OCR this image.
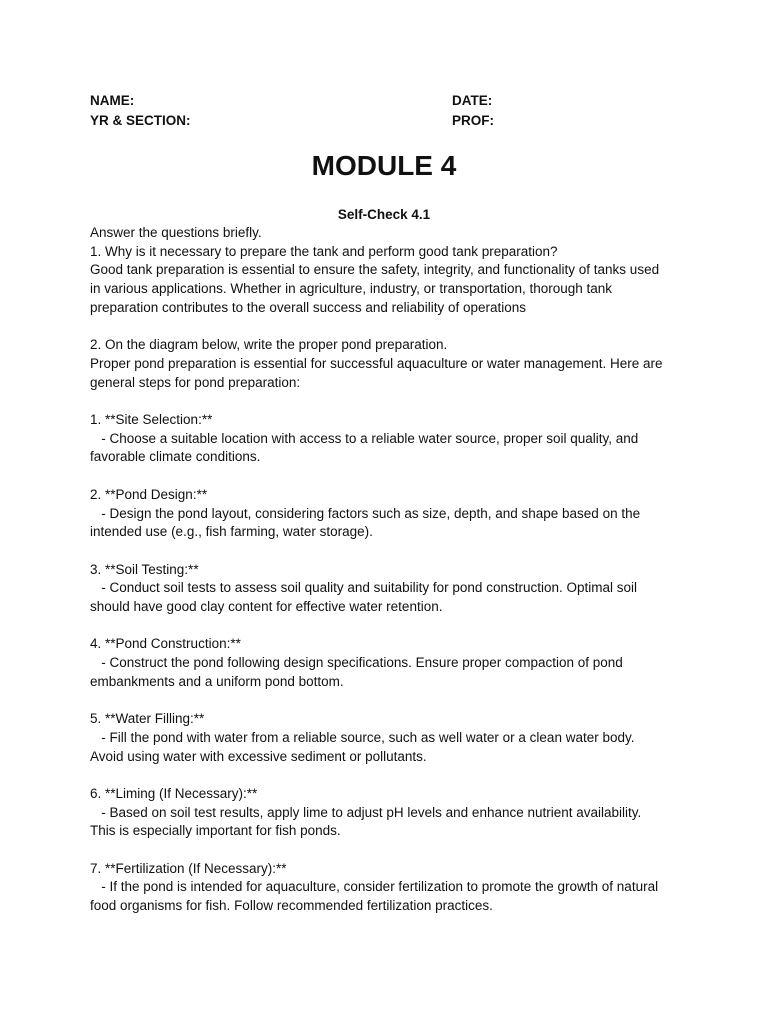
NAME:	DATE:
YR & SECTION:	PROF:
MODULE 4
Self-Check 4.1

Answer the questions briefly.

1. Why is it necessary to prepare the tank and perform good tank preparation?

Good tank preparation is essential to ensure the safety, integrity, and functionality of tanks used

in various applications. Whether in agriculture, industry, or transportation, thorough tank

preparation contributes to the overall success and reliability of operations

2. On the diagram below, write the proper pond preparation.

Proper pond preparation is essential for successful aquaculture or water management. Here are

general steps for pond preparation:

1. **Site Selection:**

- Choose a suitable location with access to a reliable water source, proper soil quality, and

favorable climate conditions.

2. **Pond Design:**

- Design the pond layout, considering factors such as size, depth, and shape based on the

intended use (e.g., fish farming, water storage).

3. **Soil Testing:**

- Conduct soil tests to assess soil quality and suitability for pond construction. Optimal soil

should have good clay content for effective water retention.

4. **Pond Construction:**

- Construct the pond following design specifications. Ensure proper compaction of pond

embankments and a uniform pond bottom.

5. **Water Filling:**

- Fill the pond with water from a reliable source, such as well water or a clean water body.

Avoid using water with excessive sediment or pollutants.

6. **Liming (If Necessary):**

- Based on soil test results, apply lime to adjust pH levels and enhance nutrient availability.

This is especially important for fish ponds.

7. **Fertilization (If Necessary):**

- If the pond is intended for aquaculture, consider fertilization to promote the growth of natural

food organisms for fish. Follow recommended fertilization practices.
